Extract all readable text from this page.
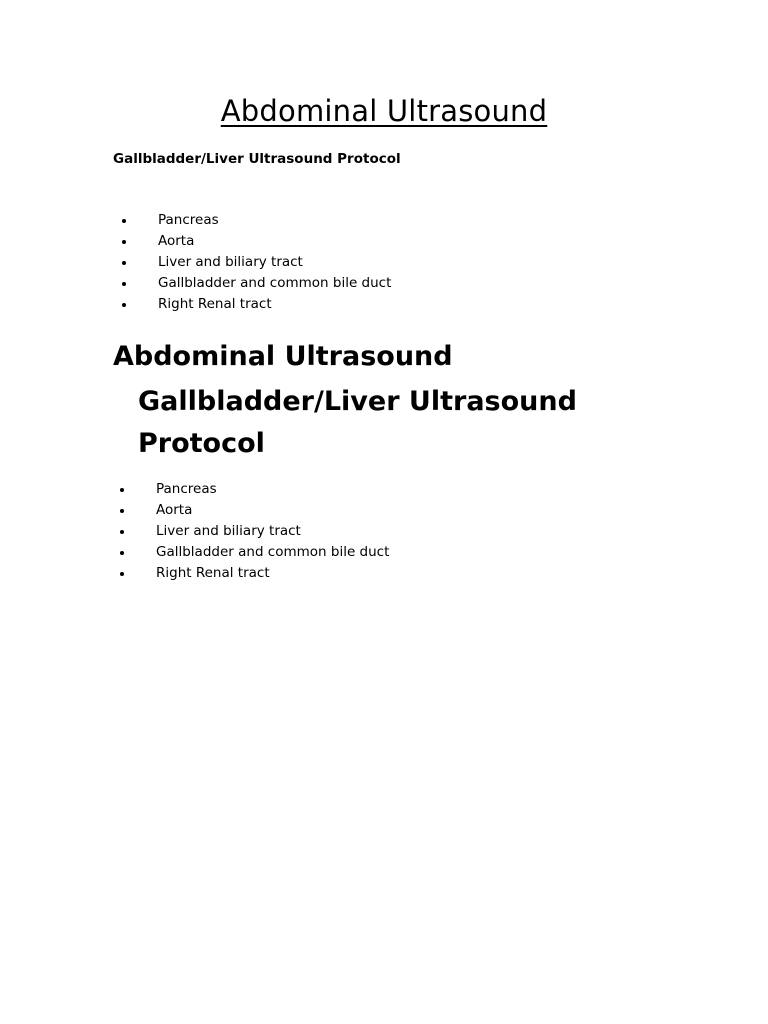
Abdominal Ultrasound

Gallbladder/Liver Ultrasound Protocol

Pancreas
Aorta
Liver and biliary tract
Gallbladder and common bile duct
Right Renal tract
Abdominal Ultrasound
Gallbladder/Liver Ultrasound Protocol
Pancreas
Aorta
Liver and biliary tract
Gallbladder and common bile duct
Right Renal tract
